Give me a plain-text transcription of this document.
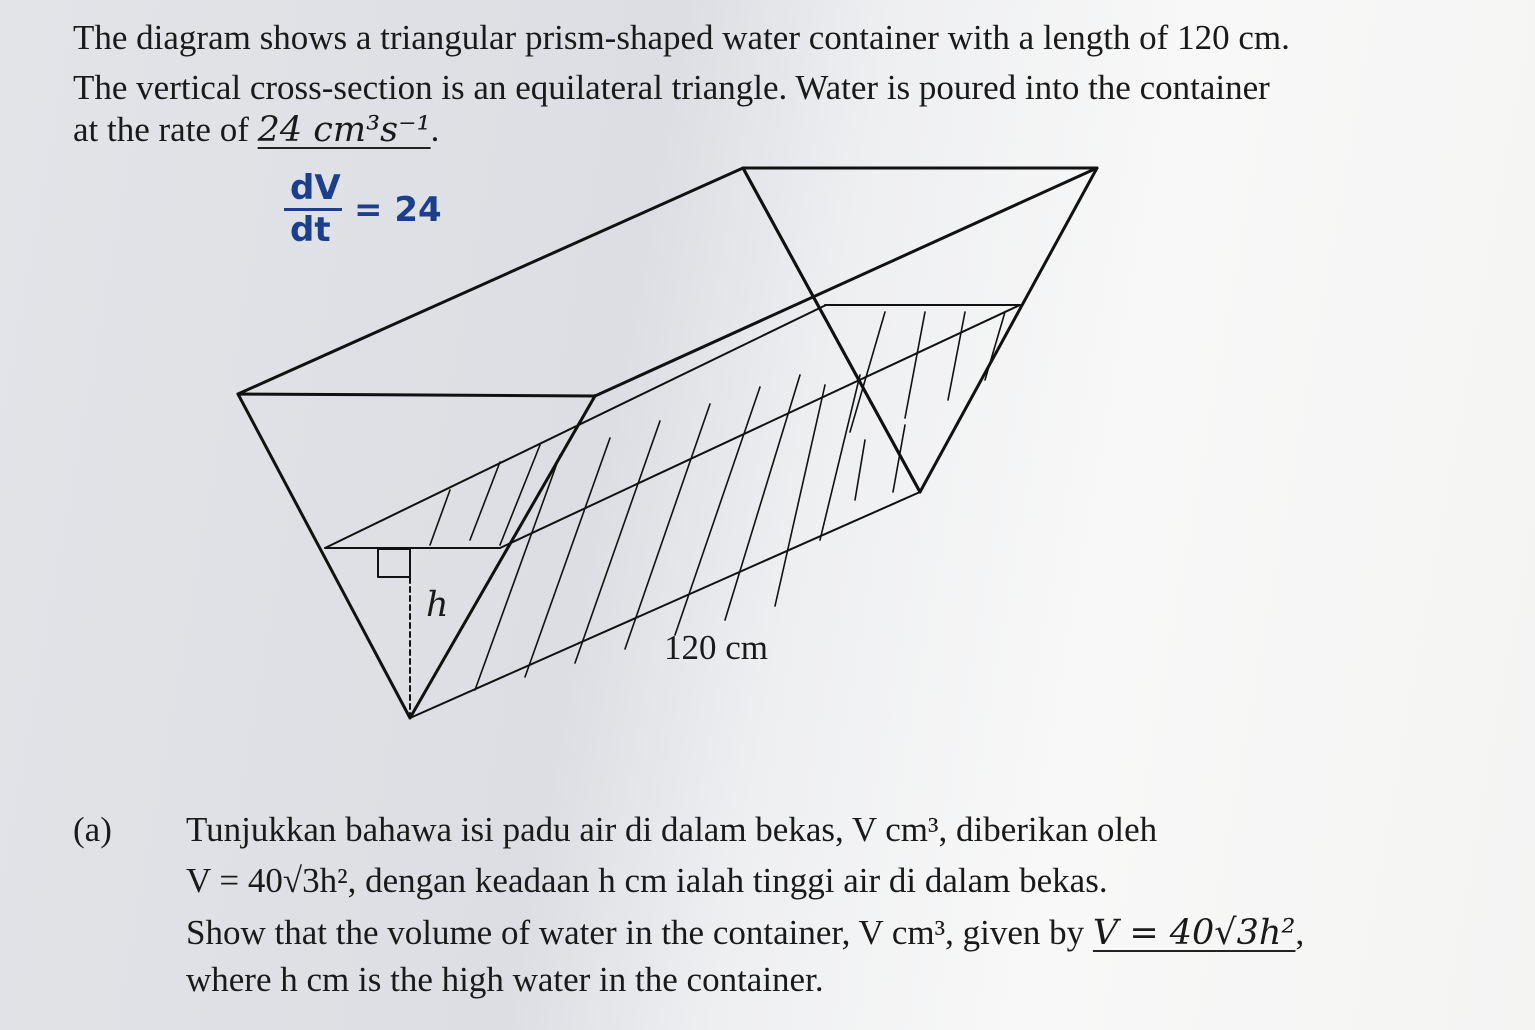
The diagram shows a triangular prism-shaped water container with a length of 120 cm.
The vertical cross-section is an equilateral triangle. Water is poured into the container
at the rate of 24 cm³s⁻¹.
dV
dt = 24
h
120 cm
(a) Tunjukkan bahawa isi padu air di dalam bekas, V cm³, diberikan oleh
V = 40√3h², dengan keadaan h cm ialah tinggi air di dalam bekas.
Show that the volume of water in the container, V cm³, given by V = 40√3h²,
where h cm is the high water in the container.
